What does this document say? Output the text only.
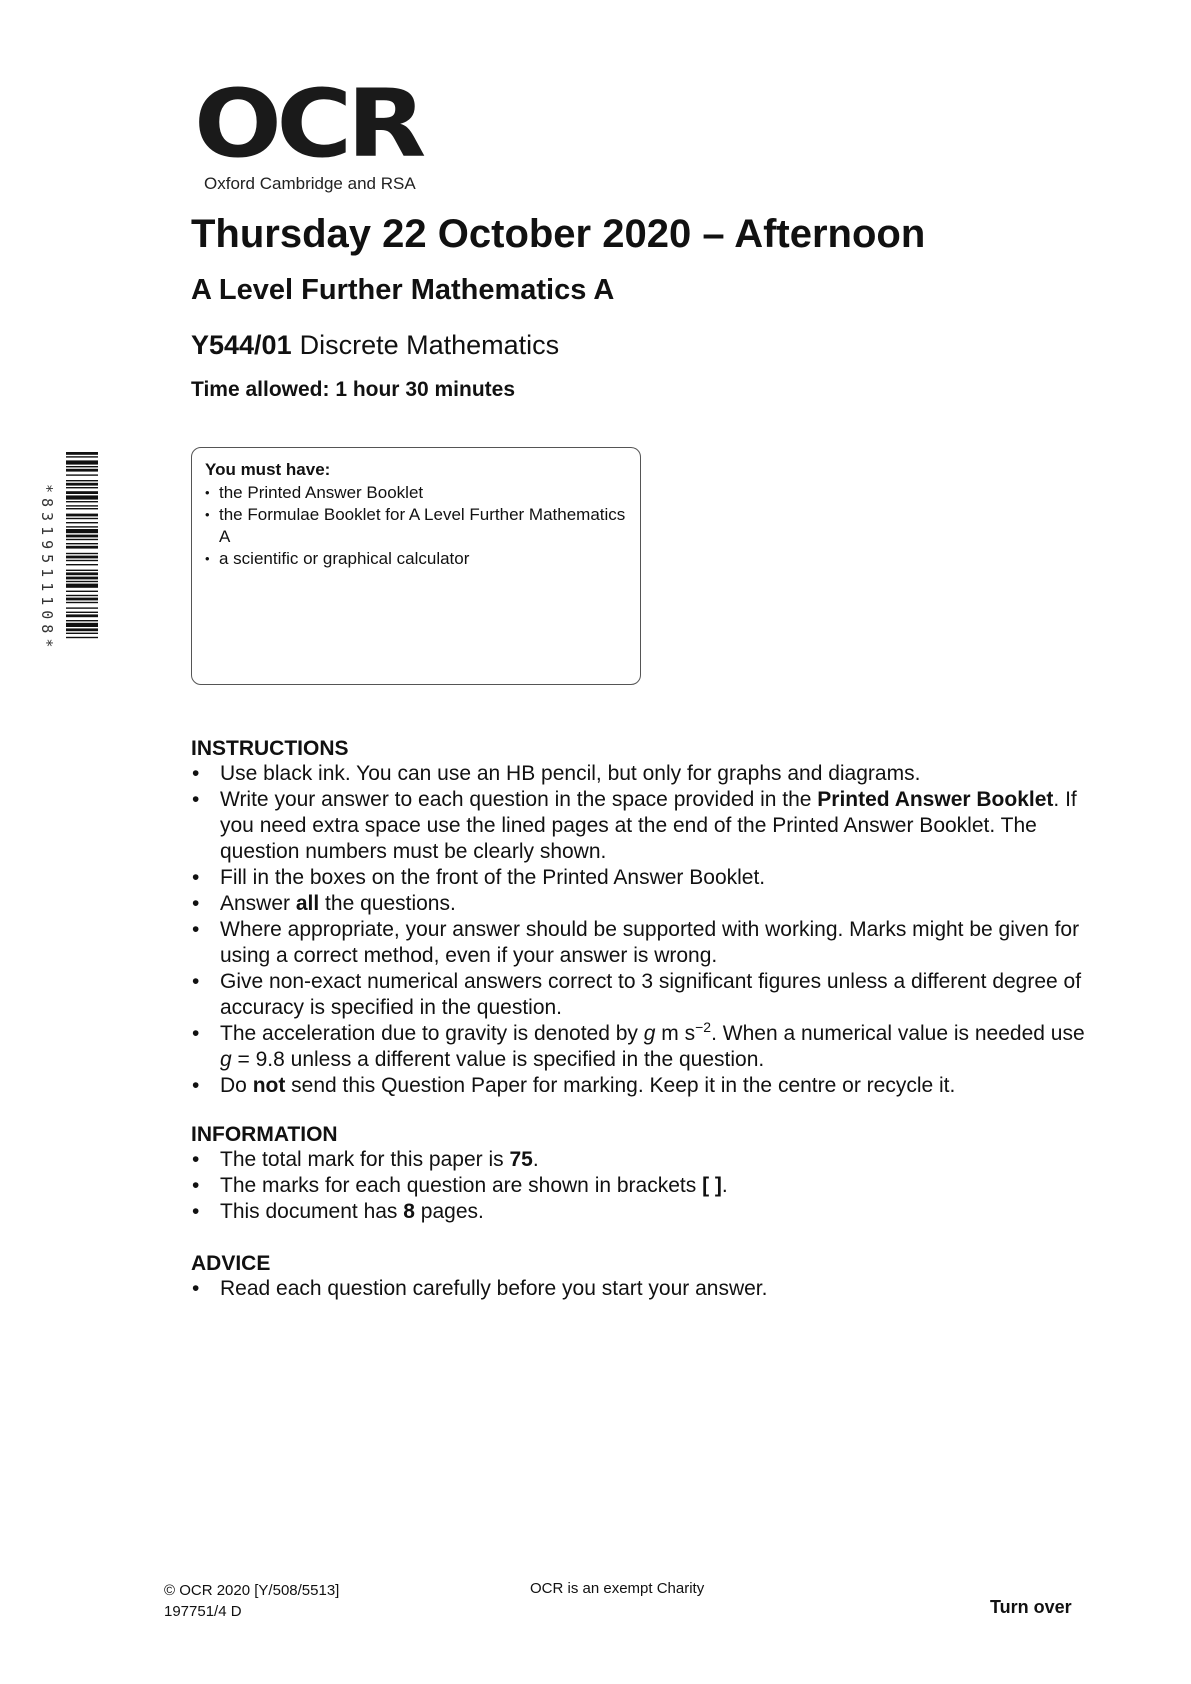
OCR
Oxford Cambridge and RSA
Thursday 22 October 2020 – Afternoon
A Level Further Mathematics A
Y544/01 Discrete Mathematics
Time allowed: 1 hour 30 minutes
*8319511108*
You must have:
• the Printed Answer Booklet
• the Formulae Booklet for A Level Further Mathematics A
• a scientific or graphical calculator
INSTRUCTIONS
• Use black ink. You can use an HB pencil, but only for graphs and diagrams.
• Write your answer to each question in the space provided in the Printed Answer Booklet. If you need extra space use the lined pages at the end of the Printed Answer Booklet. The question numbers must be clearly shown.
• Fill in the boxes on the front of the Printed Answer Booklet.
• Answer all the questions.
• Where appropriate, your answer should be supported with working. Marks might be given for using a correct method, even if your answer is wrong.
• Give non-exact numerical answers correct to 3 significant figures unless a different degree of accuracy is specified in the question.
• The acceleration due to gravity is denoted by g m $s^{-2}$. When a numerical value is needed use g = 9.8 unless a different value is specified in the question.
• Do not send this Question Paper for marking. Keep it in the centre or recycle it.
INFORMATION
• The total mark for this paper is 75.
• The marks for each question are shown in brackets [ ].
• This document has 8 pages.
ADVICE
• Read each question carefully before you start your answer.
© OCR 2020 [Y/508/5513]
197751/4 D
OCR is an exempt Charity
Turn over
